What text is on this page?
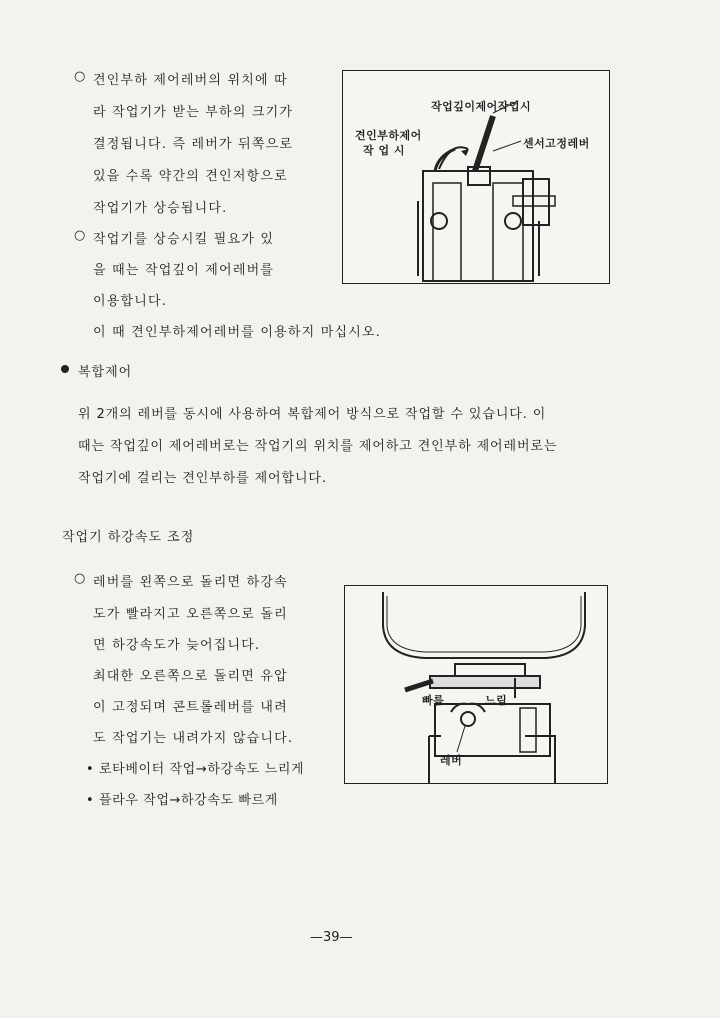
○ 견인부하 제어레버의 위치에 따
라 작업기가 받는 부하의 크기가
결정됩니다. 즉 레버가 뒤쪽으로
있을 수록 약간의 견인저항으로
작업기가 상승됩니다.
○ 작업기를 상승시킬 필요가 있
을 때는 작업깊이 제어레버를
이용합니다.
이 때 견인부하제어레버를 이용하지 마십시오.
작업깊이제어작업시
견인부하제어
작 업 시
센서고정레버
복합제어
위 2개의 레버를 동시에 사용하여 복합제어 방식으로 작업할 수 있습니다. 이
때는 작업깊이 제어레버로는 작업기의 위치를 제어하고 견인부하 제어레버로는
작업기에 걸리는 견인부하를 제어합니다.
작업기 하강속도 조정
○ 레버를 왼쪽으로 돌리면 하강속
도가 빨라지고 오른쪽으로 돌리
면 하강속도가 늦어집니다.
최대한 오른쪽으로 돌리면 유압
이 고정되며 콘트롤레버를 내려
도 작업기는 내려가지 않습니다.
• 로타베이터 작업→하강속도 느리게
• 플라우 작업→하강속도 빠르게
빠름	느림
레버
—39—
